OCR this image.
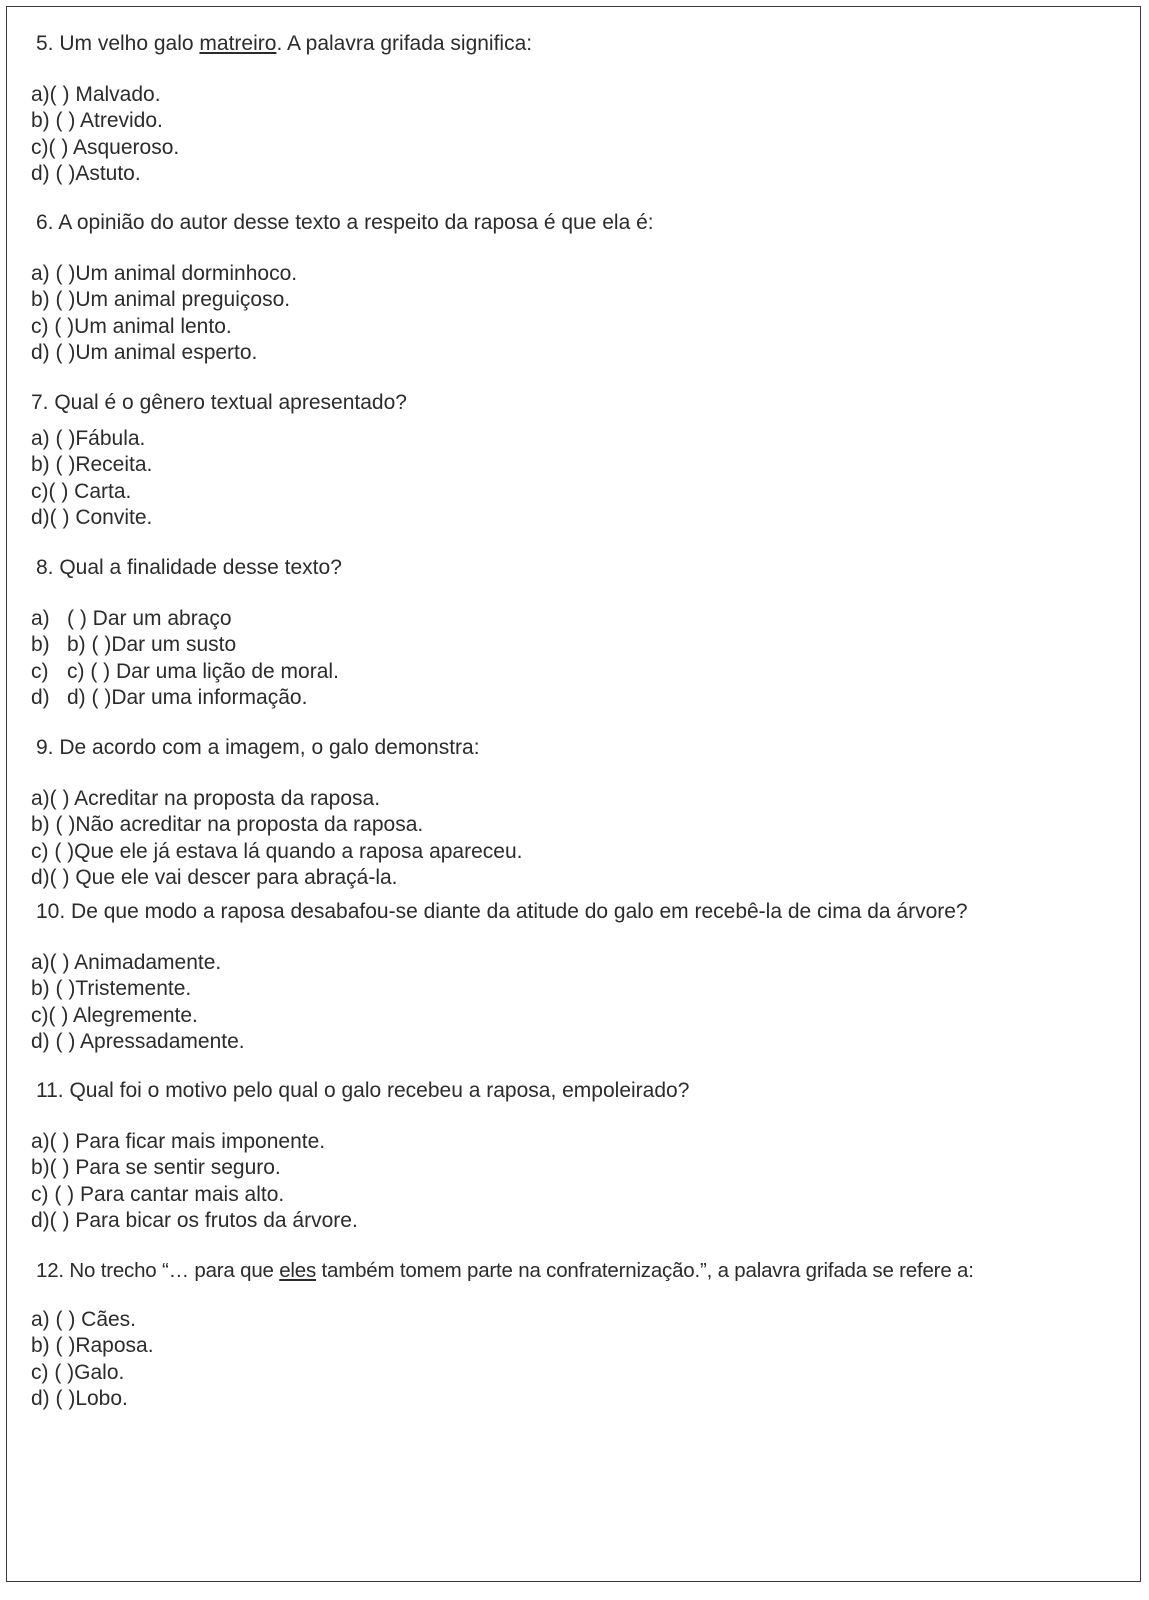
5. Um velho galo matreiro. A palavra grifada significa:
a)( ) Malvado.
b) ( ) Atrevido.
c)( ) Asqueroso.
d) ( )Astuto.
6. A opinião do autor desse texto a respeito da raposa é que ela é:
a) ( )Um animal dorminhoco.
b) ( )Um animal preguiçoso.
c) ( )Um animal lento.
d) ( )Um animal esperto.
7. Qual é o gênero textual apresentado?
a) ( )Fábula.
b) ( )Receita.
c)( ) Carta.
d)( ) Convite.
8. Qual a finalidade desse texto?
a) ( ) Dar um abraço
b) b) ( )Dar um susto
c) c) ( ) Dar uma lição de moral.
d) d) ( )Dar uma informação.
9. De acordo com a imagem, o galo demonstra:
a)( ) Acreditar na proposta da raposa.
b) ( )Não acreditar na proposta da raposa.
c) ( )Que ele já estava lá quando a raposa apareceu.
d)( ) Que ele vai descer para abraçá-la.
10. De que modo a raposa desabafou-se diante da atitude do galo em recebê-la de cima da árvore?
a)( ) Animadamente.
b) ( )Tristemente.
c)( ) Alegremente.
d) ( ) Apressadamente.
11. Qual foi o motivo pelo qual o galo recebeu a raposa, empoleirado?
a)( ) Para ficar mais imponente.
b)( ) Para se sentir seguro.
c) ( ) Para cantar mais alto.
d)( ) Para bicar os frutos da árvore.
12. No trecho “… para que eles também tomem parte na confraternização.”, a palavra grifada se refere a:
a) ( ) Cães.
b) ( )Raposa.
c) ( )Galo.
d) ( )Lobo.
